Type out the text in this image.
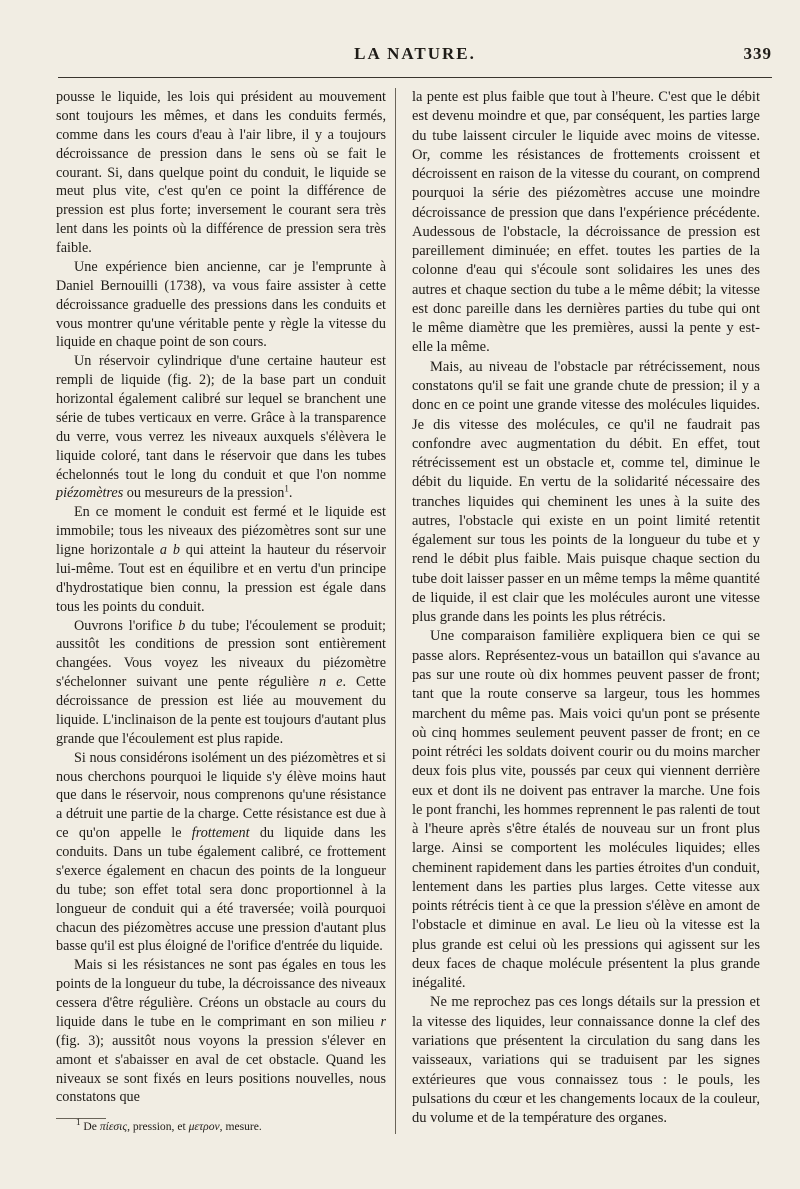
LA NATURE.	339

pousse le liquide, les lois qui président au mouvement sont toujours les mêmes, et dans les conduits fermés, comme dans les cours d'eau à l'air libre, il y a toujours décroissance de pression dans le sens où se fait le courant. Si, dans quelque point du conduit, le liquide se meut plus vite, c'est qu'en ce point la différence de pression est plus forte; inversement le courant sera très lent dans les points où la différence de pression sera très faible.

Une expérience bien ancienne, car je l'emprunte à Daniel Bernouilli (1738), va vous faire assister à cette décroissance graduelle des pressions dans les conduits et vous montrer qu'une véritable pente y règle la vitesse du liquide en chaque point de son cours.

Un réservoir cylindrique d'une certaine hauteur est rempli de liquide (fig. 2); de la base part un conduit horizontal également calibré sur lequel se branchent une série de tubes verticaux en verre. Grâce à la transparence du verre, vous verrez les niveaux auxquels s'élèvera le liquide coloré, tant dans le réservoir que dans les tubes échelonnés tout le long du conduit et que l'on nomme piézomètres ou mesureurs de la pression$^1$.

En ce moment le conduit est fermé et le liquide est immobile; tous les niveaux des piézomètres sont sur une ligne horizontale a b qui atteint la hauteur du réservoir lui-même. Tout est en équilibre et en vertu d'un principe d'hydrostatique bien connu, la pression est égale dans tous les points du conduit.

Ouvrons l'orifice b du tube; l'écoulement se produit; aussitôt les conditions de pression sont entièrement changées. Vous voyez les niveaux du piézomètre s'échelonner suivant une pente régulière n e. Cette décroissance de pression est liée au mouvement du liquide. L'inclinaison de la pente est toujours d'autant plus grande que l'écoulement est plus rapide.

Si nous considérons isolément un des piézomètres et si nous cherchons pourquoi le liquide s'y élève moins haut que dans le réservoir, nous comprenons qu'une résistance a détruit une partie de la charge. Cette résistance est due à ce qu'on appelle le frottement du liquide dans les conduits. Dans un tube également calibré, ce frottement s'exerce également en chacun des points de la longueur du tube; son effet total sera donc proportionnel à la longueur de conduit qui a été traversée; voilà pourquoi chacun des piézomètres accuse une pression d'autant plus basse qu'il est plus éloigné de l'orifice d'entrée du liquide.

Mais si les résistances ne sont pas égales en tous les points de la longueur du tube, la décroissance des niveaux cessera d'être régulière. Créons un obstacle au cours du liquide dans le tube en le comprimant en son milieu r (fig. 3); aussitôt nous voyons la pression s'élever en amont et s'abaisser en aval de cet obstacle. Quand les niveaux se sont fixés en leurs positions nouvelles, nous constatons que

la pente est plus faible que tout à l'heure. C'est que le débit est devenu moindre et que, par conséquent, les parties large du tube laissent circuler le liquide avec moins de vitesse. Or, comme les résistances de frottements croissent et décroissent en raison de la vitesse du courant, on comprend pourquoi la série des piézomètres accuse une moindre décroissance de pression que dans l'expérience précédente. Audessous de l'obstacle, la décroissance de pression est pareillement diminuée; en effet. toutes les parties de la colonne d'eau qui s'écoule sont solidaires les unes des autres et chaque section du tube a le même débit; la vitesse est donc pareille dans les dernières parties du tube qui ont le même diamètre que les premières, aussi la pente y est-elle la même.

Mais, au niveau de l'obstacle par rétrécissement, nous constatons qu'il se fait une grande chute de pression; il y a donc en ce point une grande vitesse des molécules liquides. Je dis vitesse des molécules, ce qu'il ne faudrait pas confondre avec augmentation du débit. En effet, tout rétrécissement est un obstacle et, comme tel, diminue le débit du liquide. En vertu de la solidarité nécessaire des tranches liquides qui cheminent les unes à la suite des autres, l'obstacle qui existe en un point limité retentit également sur tous les points de la longueur du tube et y rend le débit plus faible. Mais puisque chaque section du tube doit laisser passer en un même temps la même quantité de liquide, il est clair que les molécules auront une vitesse plus grande dans les points les plus rétrécis.

Une comparaison familière expliquera bien ce qui se passe alors. Représentez-vous un bataillon qui s'avance au pas sur une route où dix hommes peuvent passer de front; tant que la route conserve sa largeur, tous les hommes marchent du même pas. Mais voici qu'un pont se présente où cinq hommes seulement peuvent passer de front; en ce point rétréci les soldats doivent courir ou du moins marcher deux fois plus vite, poussés par ceux qui viennent derrière eux et dont ils ne doivent pas entraver la marche. Une fois le pont franchi, les hommes reprennent le pas ralenti de tout à l'heure après s'être étalés de nouveau sur un front plus large. Ainsi se comportent les molécules liquides; elles cheminent rapidement dans les parties étroites d'un conduit, lentement dans les parties plus larges. Cette vitesse aux points rétrécis tient à ce que la pression s'élève en amont de l'obstacle et diminue en aval. Le lieu où la vitesse est la plus grande est celui où les pressions qui agissent sur les deux faces de chaque molécule présentent la plus grande inégalité.

Ne me reprochez pas ces longs détails sur la pression et la vitesse des liquides, leur connaissance donne la clef des variations que présentent la circulation du sang dans les vaisseaux, variations qui se traduisent par les signes extérieures que vous connaissez tous : le pouls, les pulsations du cœur et les changements locaux de la couleur, du volume et de la température des organes.

$^1$ De πίεσις, pression, et μετρον, mesure.
